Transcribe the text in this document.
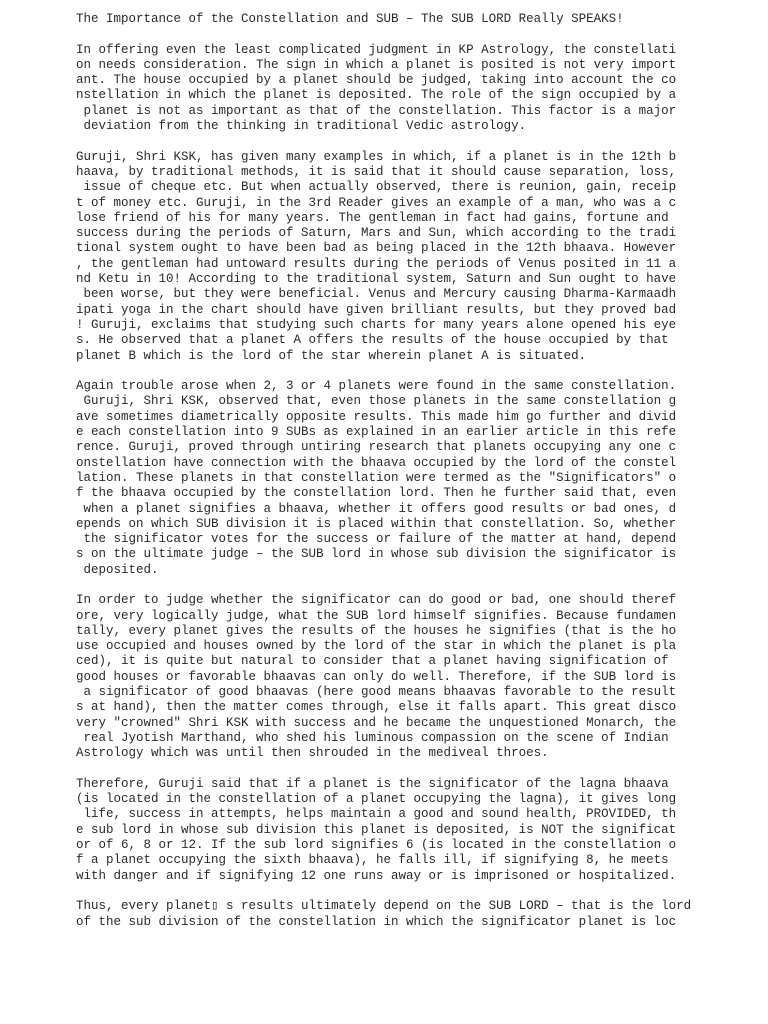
The Importance of the Constellation and SUB – The SUB LORD Really SPEAKS!
In offering even the least complicated judgment in KP Astrology, the constellati
on needs consideration. The sign in which a planet is posited is not very import
ant. The house occupied by a planet should be judged, taking into account the co
nstellation in which the planet is deposited. The role of the sign occupied by a
planet is not as important as that of the constellation. This factor is a major
deviation from the thinking in traditional Vedic astrology.
Guruji, Shri KSK, has given many examples in which, if a planet is in the 12th b
haava, by traditional methods, it is said that it should cause separation, loss,
issue of cheque etc. But when actually observed, there is reunion, gain, receip
t of money etc. Guruji, in the 3rd Reader gives an example of a man, who was a c
lose friend of his for many years. The gentleman in fact had gains, fortune and
success during the periods of Saturn, Mars and Sun, which according to the tradi
tional system ought to have been bad as being placed in the 12th bhaava. However
, the gentleman had untoward results during the periods of Venus posited in 11 a
nd Ketu in 10! According to the traditional system, Saturn and Sun ought to have
been worse, but they were beneficial. Venus and Mercury causing Dharma-Karmaadh
ipati yoga in the chart should have given brilliant results, but they proved bad
! Guruji, exclaims that studying such charts for many years alone opened his eye
s. He observed that a planet A offers the results of the house occupied by that
planet B which is the lord of the star wherein planet A is situated.
Again trouble arose when 2, 3 or 4 planets were found in the same constellation.
Guruji, Shri KSK, observed that, even those planets in the same constellation g
ave sometimes diametrically opposite results. This made him go further and divid
e each constellation into 9 SUBs as explained in an earlier article in this refe
rence. Guruji, proved through untiring research that planets occupying any one c
onstellation have connection with the bhaava occupied by the lord of the constel
lation. These planets in that constellation were termed as the "Significators" o
f the bhaava occupied by the constellation lord. Then he further said that, even
when a planet signifies a bhaava, whether it offers good results or bad ones, d
epends on which SUB division it is placed within that constellation. So, whether
the significator votes for the success or failure of the matter at hand, depend
s on the ultimate judge – the SUB lord in whose sub division the significator is
deposited.
In order to judge whether the significator can do good or bad, one should theref
ore, very logically judge, what the SUB lord himself signifies. Because fundamen
tally, every planet gives the results of the houses he signifies (that is the ho
use occupied and houses owned by the lord of the star in which the planet is pla
ced), it is quite but natural to consider that a planet having signification of
good houses or favorable bhaavas can only do well. Therefore, if the SUB lord is
a significator of good bhaavas (here good means bhaavas favorable to the result
s at hand), then the matter comes through, else it falls apart. This great disco
very "crowned" Shri KSK with success and he became the unquestioned Monarch, the
real Jyotish Marthand, who shed his luminous compassion on the scene of Indian
Astrology which was until then shrouded in the mediveal throes.
Therefore, Guruji said that if a planet is the significator of the lagna bhaava
(is located in the constellation of a planet occupying the lagna), it gives long
life, success in attempts, helps maintain a good and sound health, PROVIDED, th
e sub lord in whose sub division this planet is deposited, is NOT the significat
or of 6, 8 or 12. If the sub lord signifies 6 (is located in the constellation o
f a planet occupying the sixth bhaava), he falls ill, if signifying 8, he meets
with danger and if signifying 12 one runs away or is imprisoned or hospitalized.
Thus, every planet▯ s results ultimately depend on the SUB LORD – that is the lord
of the sub division of the constellation in which the significator planet is loc
